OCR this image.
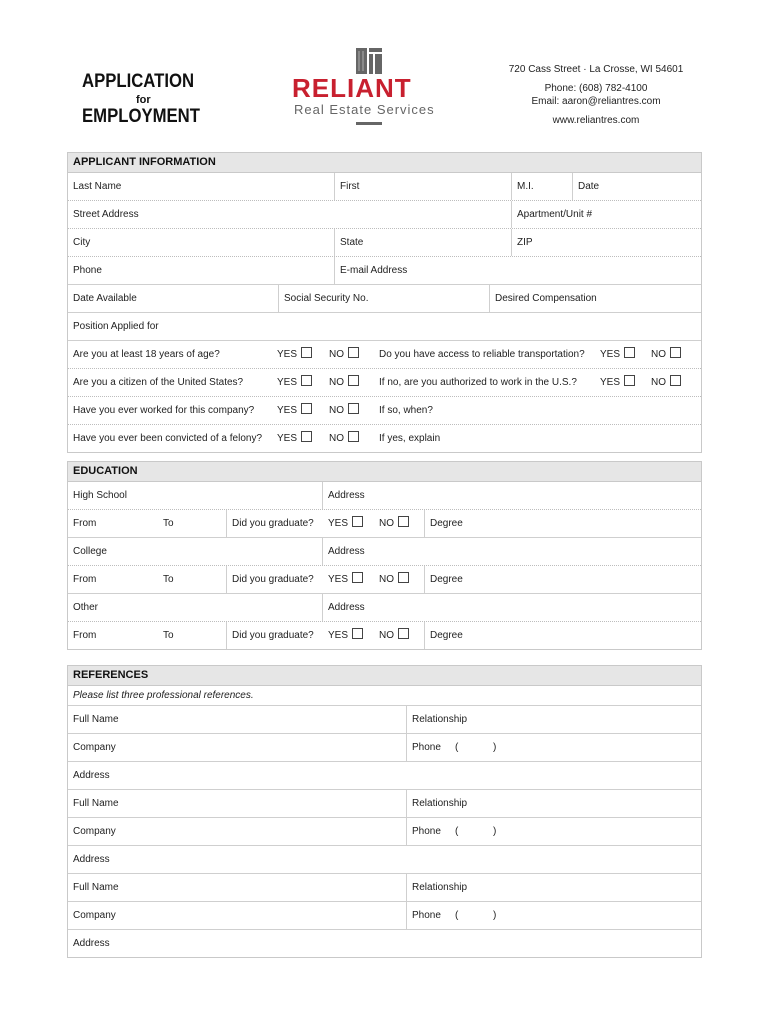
APPLICATION
for
EMPLOYMENT
RELIANT
Real Estate Services
720 Cass Street · La Crosse, WI 54601
Phone: (608) 782-4100
Email: aaron@reliantres.com
www.reliantres.com
APPLICANT INFORMATION
Last Name	First	M.I.	Date
Street Address	Apartment/Unit #
City	State	ZIP
Phone	E-mail Address
Date Available	Social Security No.	Desired Compensation
Position Applied for
Are you at least 18 years of age?	YES	NO	Do you have access to reliable transportation? YES	NO
Are you a citizen of the United States?	YES	NO	If no, are you authorized to work in the U.S.? YES	NO
Have you ever worked for this company? YES	NO	If so, when?
Have you ever been convicted of a felony? YES	NO	If yes, explain
EDUCATION
High School	Address
From	To	Did you graduate? YES	NO	Degree
College	Address
From	To	Did you graduate? YES	NO	Degree
Other	Address
From	To	Did you graduate? YES	NO	Degree
REFERENCES
Please list three professional references.
Full Name	Relationship
Company	Phone (	)
Address
Full Name	Relationship
Company	Phone (	)
Address
Full Name	Relationship
Company	Phone (	)
Address
